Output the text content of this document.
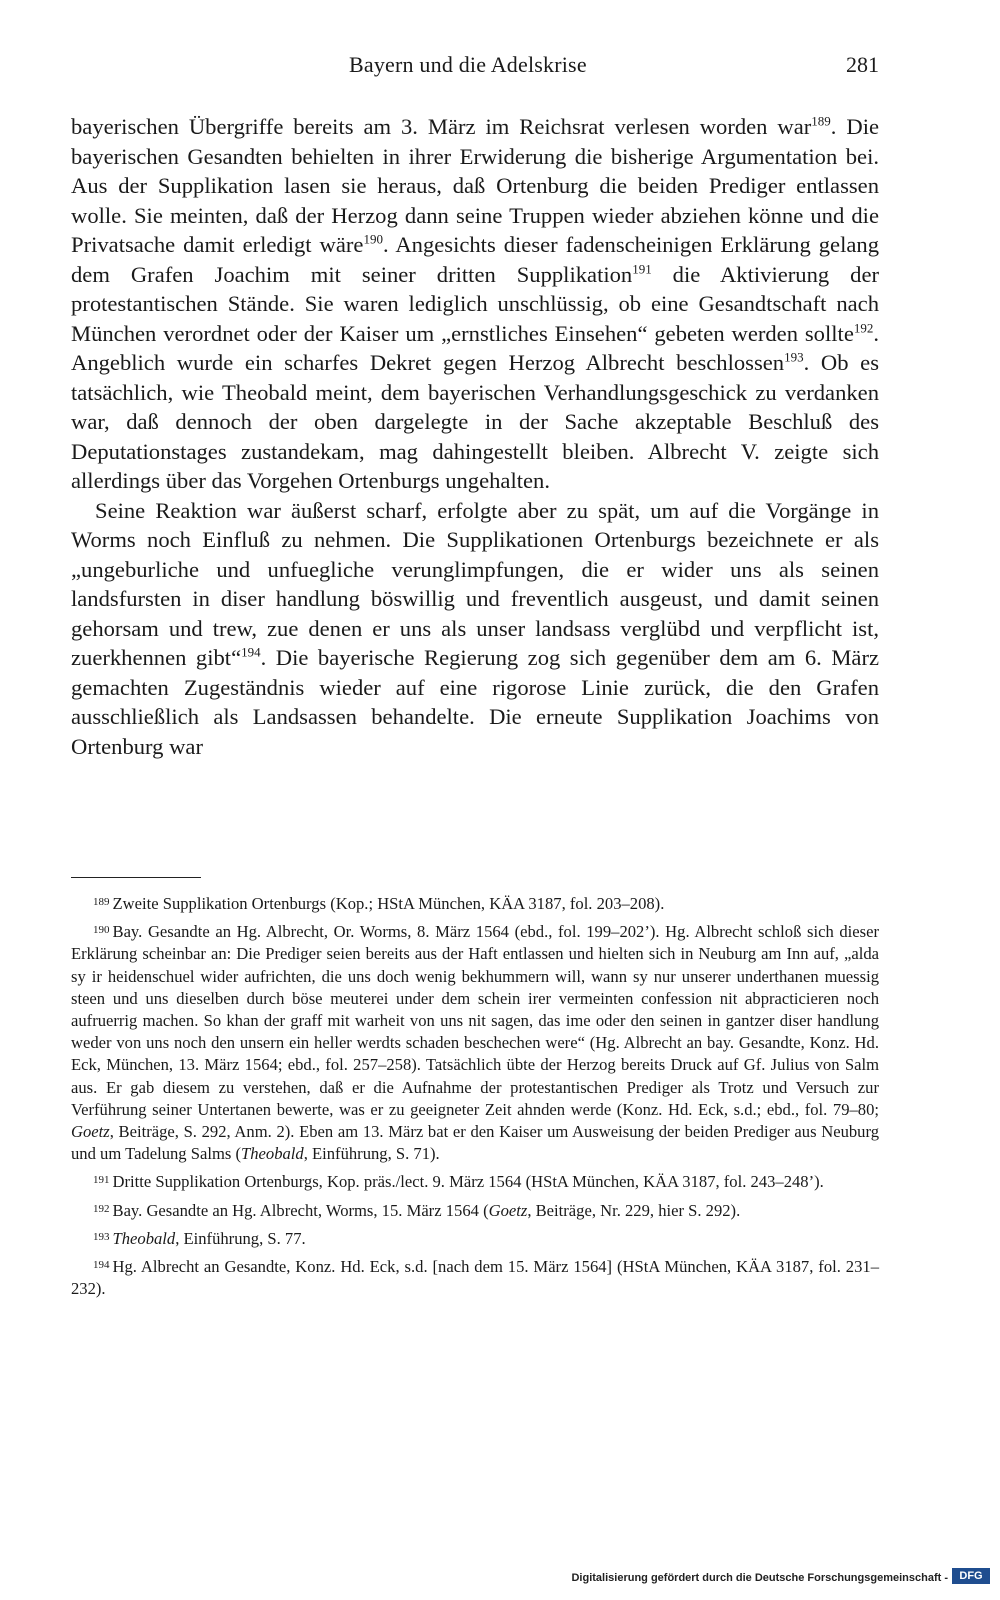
Bayern und die Adelskrise	281

bayerischen Übergriffe bereits am 3. März im Reichsrat verlesen worden war$^{189}$. Die bayerischen Gesandten behielten in ihrer Erwiderung die bisherige Argumentation bei. Aus der Supplikation lasen sie heraus, daß Ortenburg die beiden Prediger entlassen wolle. Sie meinten, daß der Herzog dann seine Truppen wieder abziehen könne und die Privatsache damit erledigt wäre$^{190}$. Angesichts dieser fadenscheinigen Erklärung gelang dem Grafen Joachim mit seiner dritten Supplikation$^{191}$ die Aktivierung der protestantischen Stände. Sie waren lediglich unschlüssig, ob eine Gesandtschaft nach München verordnet oder der Kaiser um „ernstliches Einsehen“ gebeten werden sollte$^{192}$. Angeblich wurde ein scharfes Dekret gegen Herzog Albrecht beschlossen$^{193}$. Ob es tatsächlich, wie Theobald meint, dem bayerischen Verhandlungsgeschick zu verdanken war, daß dennoch der oben dargelegte in der Sache akzeptable Beschluß des Deputationstages zustandekam, mag dahingestellt bleiben. Albrecht V. zeigte sich allerdings über das Vorgehen Ortenburgs ungehalten.

Seine Reaktion war äußerst scharf, erfolgte aber zu spät, um auf die Vorgänge in Worms noch Einfluß zu nehmen. Die Supplikationen Ortenburgs bezeichnete er als „ungeburliche und unfuegliche verunglimpfungen, die er wider uns als seinen landsfursten in diser handlung böswillig und freventlich ausgeust, und damit seinen gehorsam und trew, zue denen er uns als unser landsass verglübd und verpflicht ist, zuerkhennen gibt“$^{194}$. Die bayerische Regierung zog sich gegenüber dem am 6. März gemachten Zugeständnis wieder auf eine rigorose Linie zurück, die den Grafen ausschließlich als Landsassen behandelte. Die erneute Supplikation Joachims von Ortenburg war

$^{189}$ Zweite Supplikation Ortenburgs (Kop.; HStA München, KÄA 3187, fol. 203–208).

$^{190}$ Bay. Gesandte an Hg. Albrecht, Or. Worms, 8. März 1564 (ebd., fol. 199–202’). Hg. Albrecht schloß sich dieser Erklärung scheinbar an: Die Prediger seien bereits aus der Haft entlassen und hielten sich in Neuburg am Inn auf, „alda sy ir heidenschuel wider aufrichten, die uns doch wenig bekhummern will, wann sy nur unserer underthanen muessig steen und uns dieselben durch böse meuterei under dem schein irer vermeinten confession nit abpracticieren noch aufruerrig machen. So khan der graff mit warheit von uns nit sagen, das ime oder den seinen in gantzer diser handlung weder von uns noch den unsern ein heller werdts schaden beschechen were“ (Hg. Albrecht an bay. Gesandte, Konz. Hd. Eck, München, 13. März 1564; ebd., fol. 257–258). Tatsächlich übte der Herzog bereits Druck auf Gf. Julius von Salm aus. Er gab diesem zu verstehen, daß er die Aufnahme der protestantischen Prediger als Trotz und Versuch zur Verführung seiner Untertanen bewerte, was er zu geeigneter Zeit ahnden werde (Konz. Hd. Eck, s.d.; ebd., fol. 79–80; Goetz, Beiträge, S. 292, Anm. 2). Eben am 13. März bat er den Kaiser um Ausweisung der beiden Prediger aus Neuburg und um Tadelung Salms (Theobald, Einführung, S. 71).

$^{191}$ Dritte Supplikation Ortenburgs, Kop. präs./lect. 9. März 1564 (HStA München, KÄA 3187, fol. 243–248’).

$^{192}$ Bay. Gesandte an Hg. Albrecht, Worms, 15. März 1564 (Goetz, Beiträge, Nr. 229, hier S. 292).

$^{193}$ Theobald, Einführung, S. 77.

$^{194}$ Hg. Albrecht an Gesandte, Konz. Hd. Eck, s.d. [nach dem 15. März 1564] (HStA München, KÄA 3187, fol. 231–232).

Digitalisierung gefördert durch die Deutsche Forschungsgemeinschaft -	DFG
